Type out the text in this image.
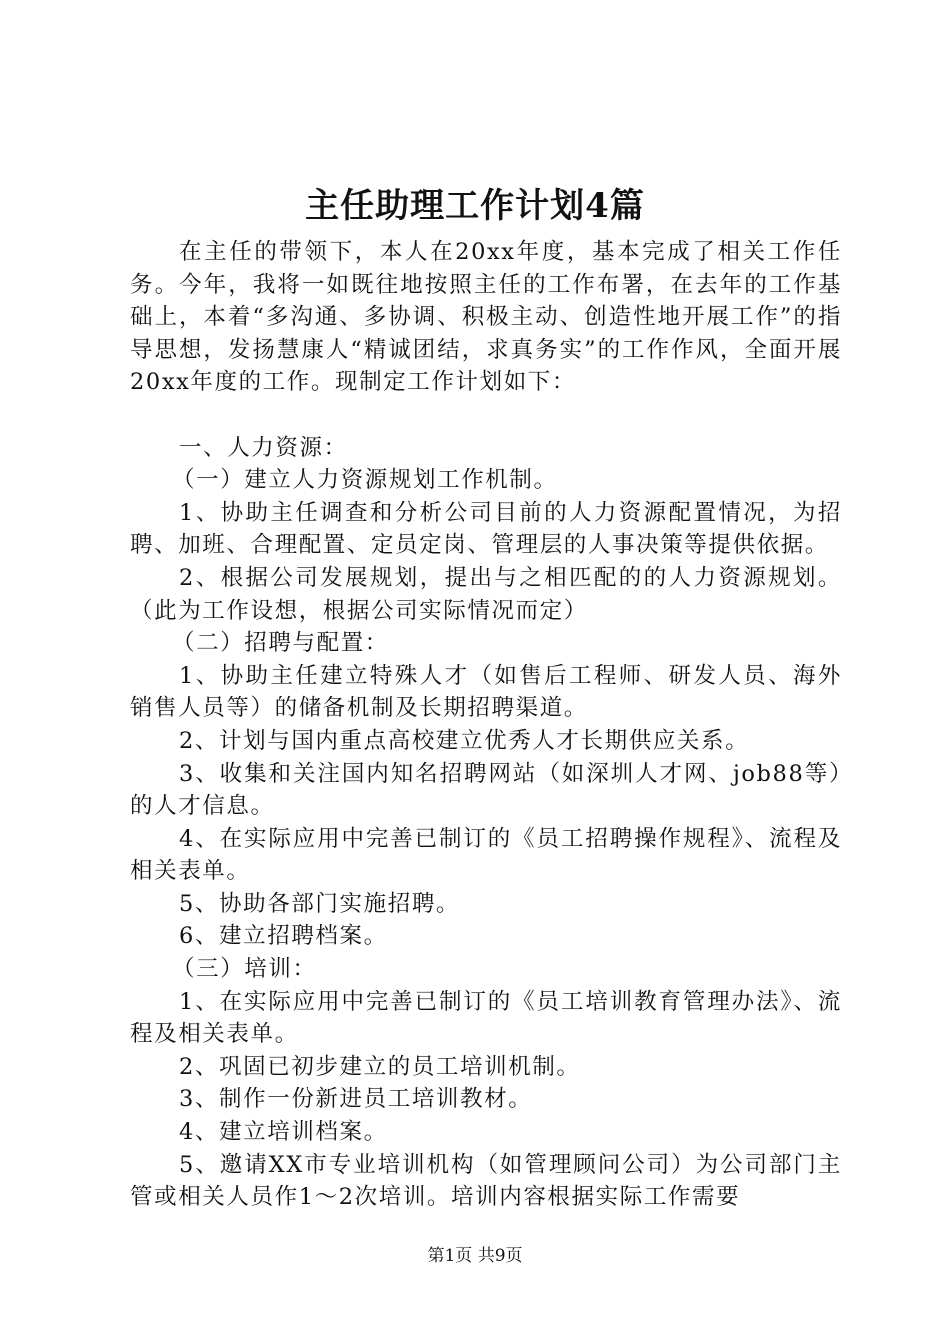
主任助理工作计划4篇

在主任的带领下，本人在20xx年度，基本完成了相关工作任务。今年，我将一如既往地按照主任的工作布署，在去年的工作基础上，本着“多沟通、多协调、积极主动、创造性地开展工作”的指导思想，发扬慧康人“精诚团结，求真务实”的工作作风，全面开展20xx年度的工作。现制定工作计划如下：

一、人力资源：

（一）建立人力资源规划工作机制。

1、协助主任调查和分析公司目前的人力资源配置情况，为招聘、加班、合理配置、定员定岗、管理层的人事决策等提供依据。

2、根据公司发展规划，提出与之相匹配的的人力资源规划。（此为工作设想，根据公司实际情况而定）

（二）招聘与配置：

1、协助主任建立特殊人才（如售后工程师、研发人员、海外销售人员等）的储备机制及长期招聘渠道。

2、计划与国内重点高校建立优秀人才长期供应关系。

3、收集和关注国内知名招聘网站（如深圳人才网、job88等）的人才信息。

4、在实际应用中完善已制订的《员工招聘操作规程》、流程及相关表单。

5、协助各部门实施招聘。

6、建立招聘档案。

（三）培训：

1、在实际应用中完善已制订的《员工培训教育管理办法》、流程及相关表单。

2、巩固已初步建立的员工培训机制。

3、制作一份新进员工培训教材。

4、建立培训档案。

5、邀请XX市专业培训机构（如管理顾问公司）为公司部门主管或相关人员作1～2次培训。培训内容根据实际工作需要

第1页 共9页
